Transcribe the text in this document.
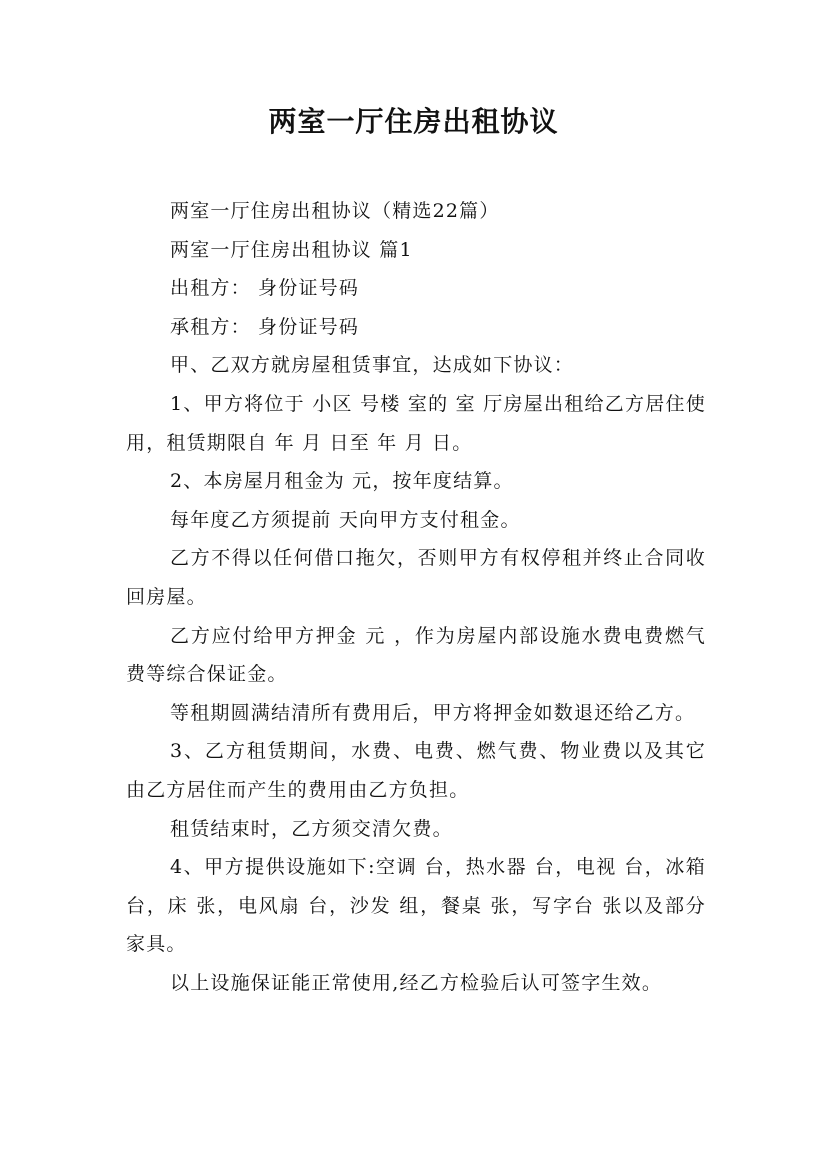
两室一厅住房出租协议

两室一厅住房出租协议（精选22篇）

两室一厅住房出租协议 篇1

出租方： 身份证号码

承租方： 身份证号码

甲、乙双方就房屋租赁事宜，达成如下协议：

1、甲方将位于 小区 号楼 室的 室 厅房屋出租给乙方居住使用，租赁期限自 年 月 日至 年 月 日。

2、本房屋月租金为 元，按年度结算。

每年度乙方须提前 天向甲方支付租金。

乙方不得以任何借口拖欠，否则甲方有权停租并终止合同收回房屋。

乙方应付给甲方押金 元 ，作为房屋内部设施水费电费燃气费等综合保证金。

等租期圆满结清所有费用后，甲方将押金如数退还给乙方。

3、乙方租赁期间，水费、电费、燃气费、物业费以及其它由乙方居住而产生的费用由乙方负担。

租赁结束时，乙方须交清欠费。

4、甲方提供设施如下:空调 台，热水器 台，电视 台，冰箱 台，床 张，电风扇 台，沙发 组，餐桌 张，写字台 张以及部分家具。

以上设施保证能正常使用,经乙方检验后认可签字生效。
